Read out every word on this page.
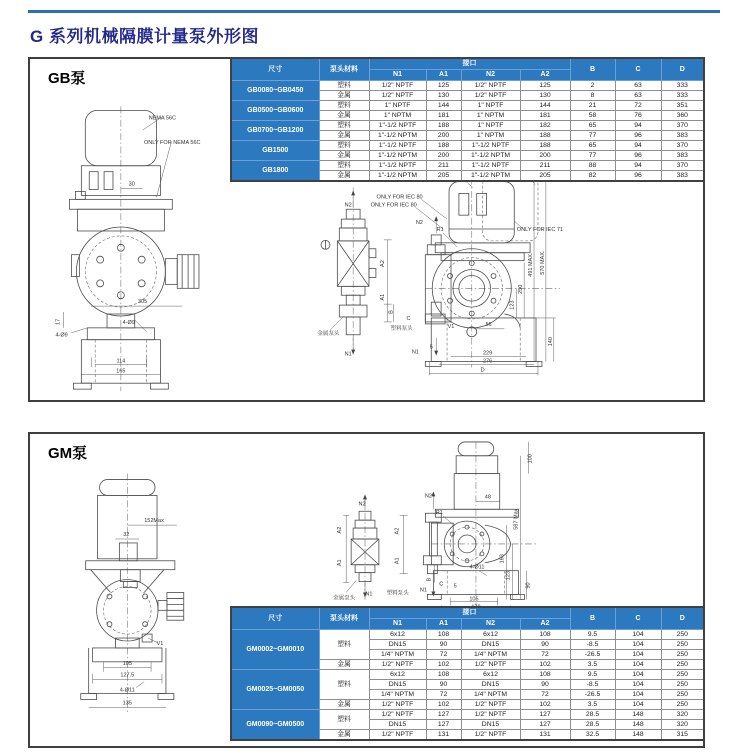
G 系列机械隔膜计量泵外形图
NEMA 56C
ONLY FOR NEMA 56C
30
17
4-Ø9
305
4-Ø9
114
165
N2
N1
金属泵头
ONLY FOR IEC 80
ONLY FOR IEC 80
ONLY FOR IEC 71
N2
R1
A2
A1
B
C
塑料泵头	V1	56
5
N1	229
276
D
123
250
491 MAX. 570 MAX.
140
GB泵
尺寸	泵头材料	接口				B	C	D
		N1	A1	N2	A2			
GB0080~GB0450	塑料	1/2" NPTF	125	1/2" NPTF	125	2	63	333
	金属	1/2" NPTF	130	1/2" NPTF	130	8	63	333
GB0500~GB0600	塑料	1" NPTF	144	1" NPTF	144	21	72	351
	金属	1" NPTM	181	1" NPTM	181	58	76	360
GB0700~GB1200	塑料	1"-1/2 NPTF	188	1" NPTF	182	65	94	370
	金属	1"-1/2 NPTM	200	1" NPTM	188	77	96	383
GB1500	塑料	1"-1/2 NPTF	188	1"-1/2 NPTF	188	65	94	370
	金属	1"-1/2 NPTM	200	1"-1/2 NPTM	200	77	96	383
GB1800	塑料	1"-1/2 NPTF	211	1"-1/2 NPTF	211	88	94	370
	金属	1"-1/2 NPTM	205	1"-1/2 NPTM	205	82	96	383
152Max
32
V1
105
127.5
4-Ø11
135
N2
A2
A1
N1
金属泵头
N2
R1
A2
A1
B
C
塑料泵头 N1
48
100
587 Max
163
123
90
4-Ø11
5
105
GM泵
尺寸	泵头材料	接口				B	C	D
		N1	A1	N2	A2			
GM0002~GM0010	塑料	6x12	108	6x12	108	9.5	104	250
		DN15	90	DN15	90	-8.5	104	250
		1/4" NPTM	72	1/4" NPTM	72	-26.5	104	250
	金属	1/2" NPTF	102	1/2" NPTF	102	3.5	104	250
GM0025~GM0050	塑料	6x12	108	6x12	108	9.5	104	250
		DN15	90	DN15	90	-8.5	104	250
		1/4" NPTM	72	1/4" NPTM	72	-26.5	104	250
	金属	1/2" NPTF	102	1/2" NPTF	102	3.5	104	250
GM0090~GM0500	塑料	1/2" NPTF	127	1/2" NPTF	127	28.5	148	320
		DN15	127	DN15	127	28.5	148	320
	金属	1/2" NPTF	131	1/2" NPTF	131	32.5	148	315
